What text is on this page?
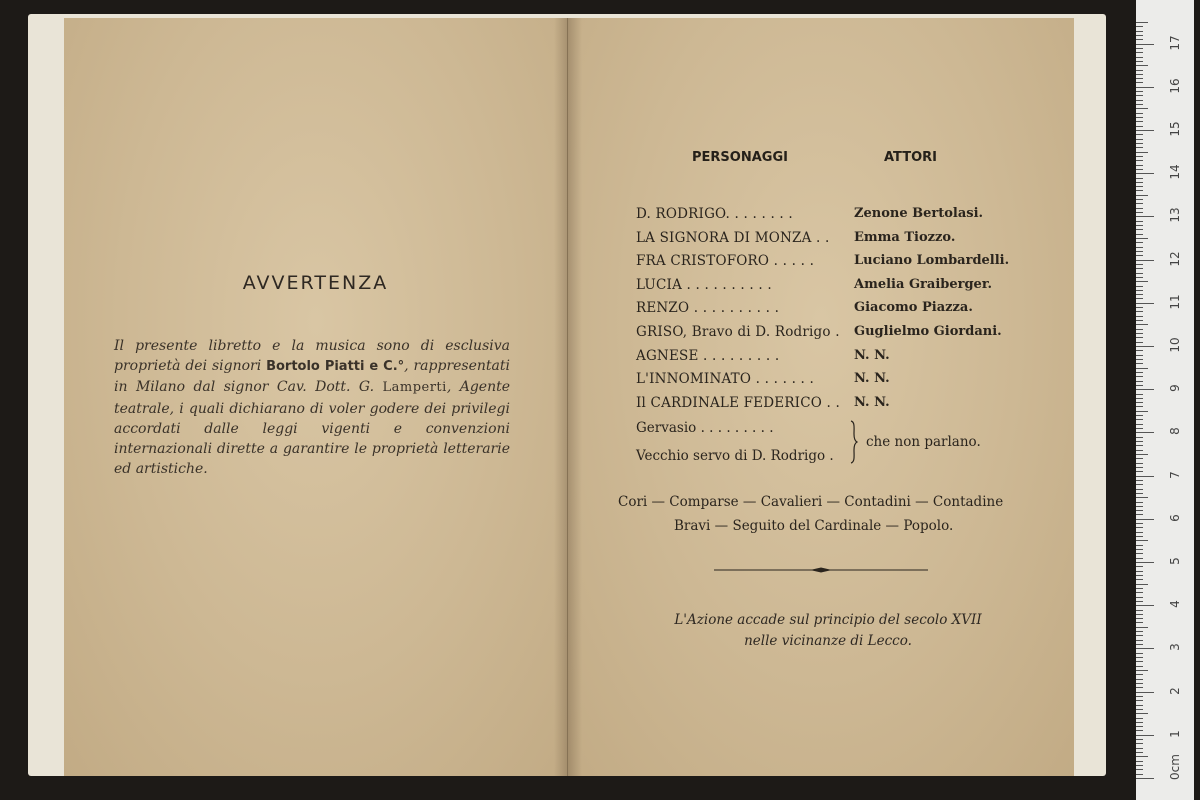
AVVERTENZA
Il presente libretto e la musica sono di esclusiva proprietà dei signori Bortolo Piatti e C.°, rappresentati in Milano dal signor Cav. Dott. G. Lamperti, Agente teatrale, i quali dichiarano di voler godere dei privilegi accordati dalle leggi vigenti e convenzioni internazionali dirette a garantire le proprietà letterarie ed artistiche.
PERSONAGGI	ATTORI
D. RODRIGO. . . . . . . .	Zenone Bertolasi.
LA SIGNORA DI MONZA . . Emma Tiozzo.
FRA CRISTOFORO . . . . .	Luciano Lombardelli.
LUCIA . . . . . . . . . .	Amelia Graiberger.
RENZO . . . . . . . . . .	Giacomo Piazza.
GRISO, Bravo di D. Rodrigo . Guglielmo Giordani.
AGNESE . . . . . . . . .	N. N.
L'INNOMINATO . . . . . . .	N. N.
Il CARDINALE FEDERICO . . N. N.
Gervasio . . . . . . . . .
Vecchio servo di D. Rodrigo .
che non parlano.
Cori — Comparse — Cavalieri — Contadini — Contadine
Bravi — Seguito del Cardinale — Popolo.
L'Azione accade sul principio del secolo XVII
nelle vicinanze di Lecco.
0cm
1
2
3
4
5
6
7
8
9
10
11
12
13
14
15
16
17
